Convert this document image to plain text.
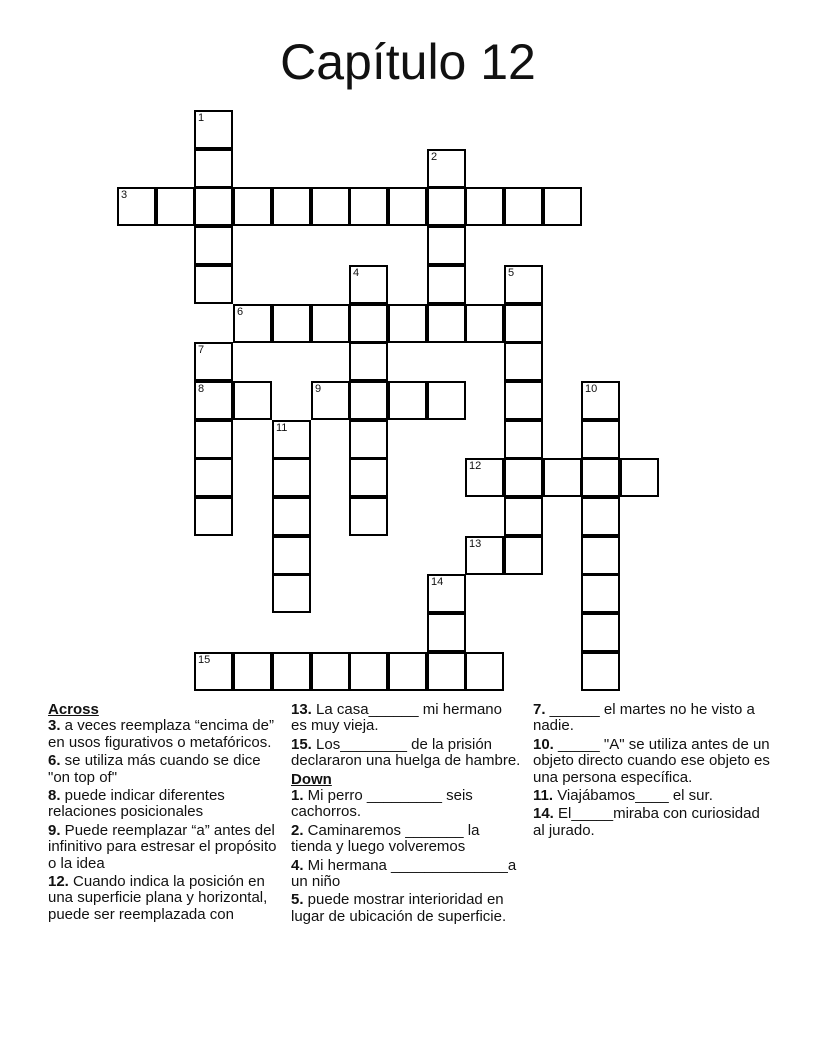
Capítulo 12
1
2
3
4	5
6
7
8	9	10
11
12
13
14
15
Across
3. a veces reemplaza “encima de” en usos figurativos o metafóricos.
6. se utiliza más cuando se dice "on top of"
8. puede indicar diferentes relaciones posicionales
9. Puede reemplazar “a” antes del infinitivo para estresar el propósito o la idea
12. Cuando indica la posición en una superficie plana y horizontal, puede ser reemplazada con
13. La casa______ mi hermano es muy vieja.
15. Los________ de la prisión declararon una huelga de hambre.
Down
1. Mi perro _________ seis cachorros.
2. Caminaremos _______ la tienda y luego volveremos
4. Mi hermana ______________a un niño
5. puede mostrar interioridad en lugar de ubicación de superficie.
7. ______ el martes no he visto a nadie.
10. _____ "A" se utiliza antes de un objeto directo cuando ese objeto es una persona específica.
11. Viajábamos____ el sur.
14. El_____miraba con curiosidad al jurado.
